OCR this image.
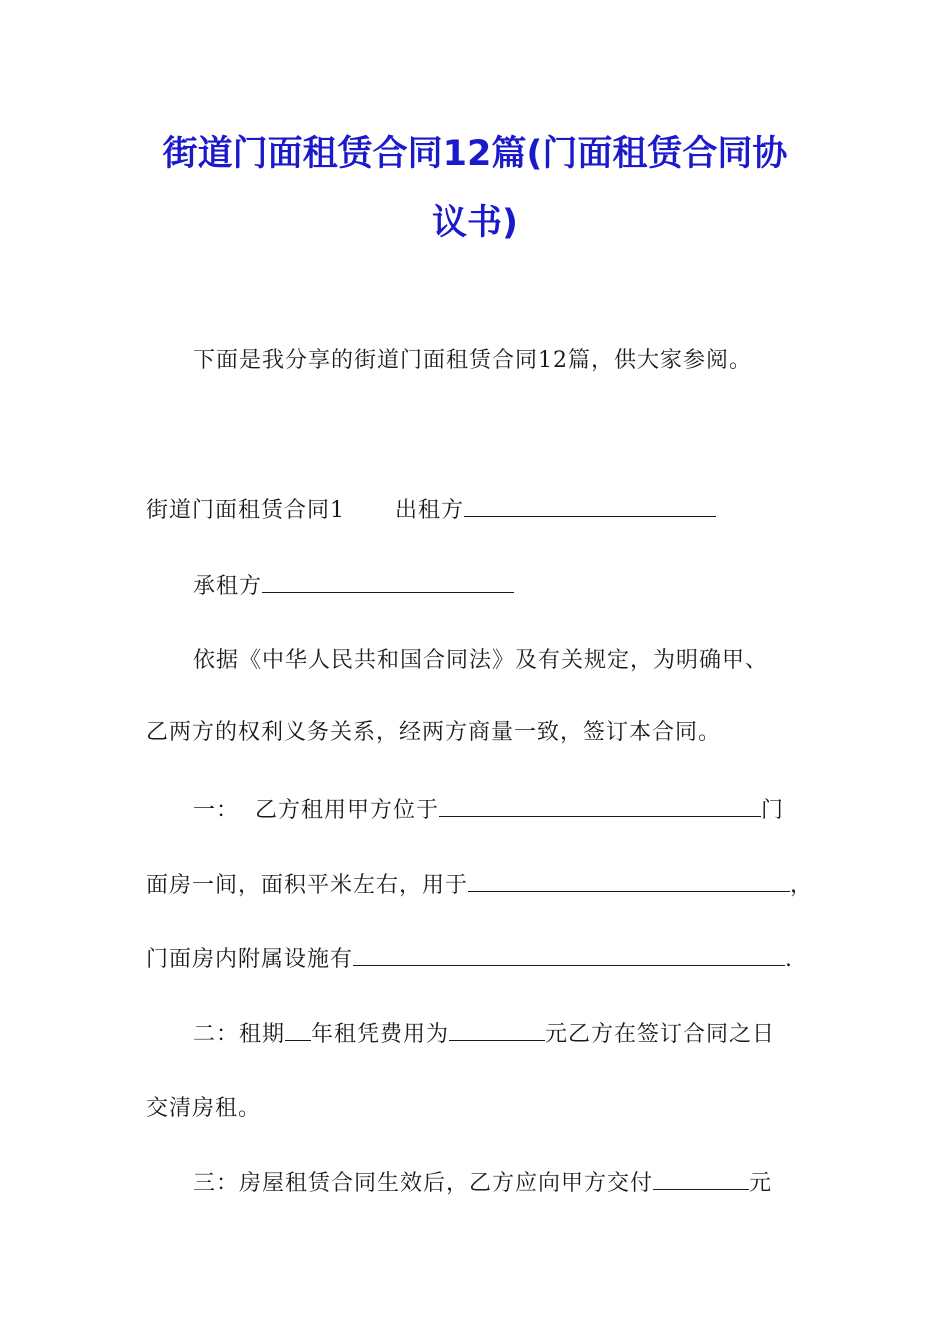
街道门面租赁合同12篇(门面租赁合同协
议书)
下面是我分享的街道门面租赁合同12篇，供大家参阅。
街道门面租赁合同1 出租方
承租方
依据《中华人民共和国合同法》及有关规定，为明确甲、
乙两方的权利义务关系，经两方商量一致，签订本合同。
一：  乙方租用甲方位于	门
面房一间，面积平米左右，用于	，
门面房内附属设施有	.
二：租期 年租凭费用为	元乙方在签订合同之日
交清房租。
三：房屋租赁合同生效后，乙方应向甲方交付	元
